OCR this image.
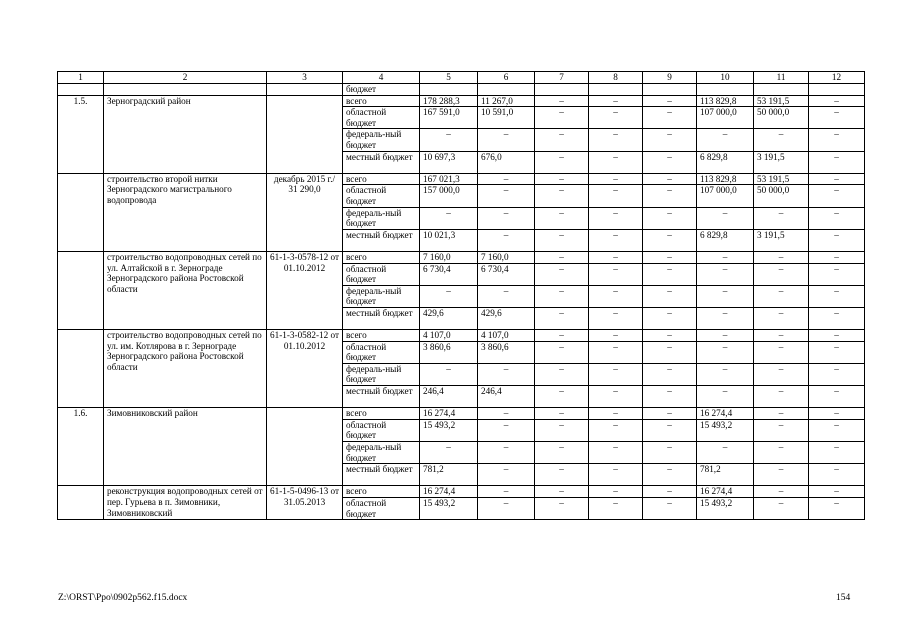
1	2	3	4	5	6	7	8	9	10	11	12
			бюджет								
1.5.	Зерноградский район		всего	178 288,3	11 267,0	–	–	–	113 829,8	53 191,5	–
			областной бюджет	167 591,0	10 591,0	–	–	–	107 000,0	50 000,0	–
			федераль-ный бюджет	–	–	–	–	–	–	–	–
			местный бюджет	10 697,3	676,0	–	–	–	6 829,8	3 191,5	–
	строительство второй нитки Зерноградского магистрального водопровода	декабрь 2015 г./ 31 290,0	всего	167 021,3	–	–	–	–	113 829,8	53 191,5	–
			областной бюджет	157 000,0	–	–	–	–	107 000,0	50 000,0	–
			федераль-ный бюджет	–	–	–	–	–	–	–	–
			местный бюджет	10 021,3	–	–	–	–	6 829,8	3 191,5	–
	строительство водопроводных сетей по ул. Алтайской в г. Зернограде Зерноградского района Ростовской области	61-1-3-0578-12 от 01.10.2012	всего	7 160,0	7 160,0	–	–	–	–	–	–
			областной бюджет	6 730,4	6 730,4	–	–	–	–	–	–
			федераль-ный бюджет	–	–	–	–	–	–	–	–
			местный бюджет	429,6	429,6	–	–	–	–	–	–
	строительство водопроводных сетей по ул. им. Котлярова в г. Зернограде Зерноградского района Ростовской области	61-1-3-0582-12 от 01.10.2012	всего	4 107,0	4 107,0	–	–	–	–	–	–
			областной бюджет	3 860,6	3 860,6	–	–	–	–	–	–
			федераль-ный бюджет	–	–	–	–	–	–	–	–
			местный бюджет	246,4	246,4	–	–	–	–	–	–
1.6.	Зимовниковский район		всего	16 274,4	–	–	–	–	16 274,4	–	–
			областной бюджет	15 493,2	–	–	–	–	15 493,2	–	–
			федераль-ный бюджет	–	–	–	–	–	–	–	–
			местный бюджет	781,2	–	–	–	–	781,2	–	–
	реконструкция водопроводных сетей от пер. Гурьева в п. Зимовники, Зимовниковский	61-1-5-0496-13 от 31.05.2013	всего	16 274,4	–	–	–	–	16 274,4	–	–
			областной бюджет	15 493,2	–	–	–	–	15 493,2	–	–
Z:\ORST\Ppo\0902p562.f15.docx	154
